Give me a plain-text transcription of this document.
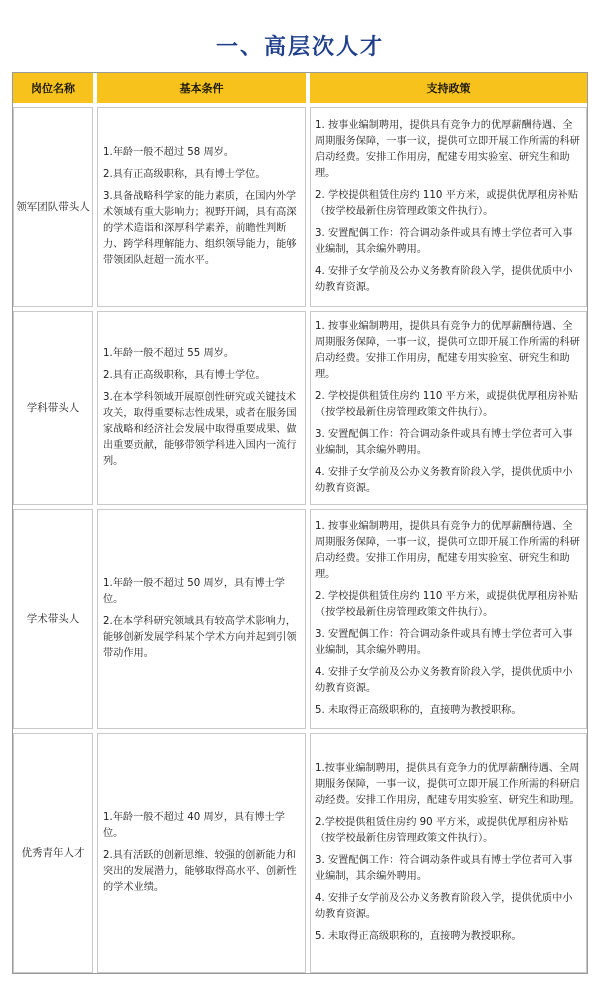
一、高层次人才
岗位名称	基本条件	支持政策
领军团队带头人

1.年龄一般不超过 58 周岁。

2.具有正高级职称，具有博士学位。

3.具备战略科学家的能力素质，在国内外学术领域有重大影响力；视野开阔，具有高深的学术造诣和深厚科学素养，前瞻性判断力、跨学科理解能力、组织领导能力，能够带领团队赶超一流水平。

1. 按事业编制聘用，提供具有竞争力的优厚薪酬待遇、全周期服务保障，一事一议，提供可立即开展工作所需的科研启动经费。安排工作用房，配建专用实验室、研究生和助理。

2. 学校提供租赁住房约 110 平方米，或提供优厚租房补贴（按学校最新住房管理政策文件执行）。

3. 安置配偶工作：符合调动条件或具有博士学位者可入事业编制，其余编外聘用。

4. 安排子女学前及公办义务教育阶段入学，提供优质中小幼教育资源。

学科带头人

1.年龄一般不超过 55 周岁。

2.具有正高级职称，具有博士学位。

3.在本学科领域开展原创性研究或关键技术攻关，取得重要标志性成果，或者在服务国家战略和经济社会发展中取得重要成果、做出重要贡献，能够带领学科进入国内一流行列。

1. 按事业编制聘用，提供具有竞争力的优厚薪酬待遇、全周期服务保障，一事一议，提供可立即开展工作所需的科研启动经费。安排工作用房，配建专用实验室、研究生和助理。

2. 学校提供租赁住房约 110 平方米，或提供优厚租房补贴（按学校最新住房管理政策文件执行）。

3. 安置配偶工作：符合调动条件或具有博士学位者可入事业编制，其余编外聘用。

4. 安排子女学前及公办义务教育阶段入学，提供优质中小幼教育资源。

学术带头人

1.年龄一般不超过 50 周岁，具有博士学位。

2.在本学科研究领域具有较高学术影响力，能够创新发展学科某个学术方向并起到引领带动作用。

1. 按事业编制聘用，提供具有竞争力的优厚薪酬待遇、全周期服务保障，一事一议，提供可立即开展工作所需的科研启动经费。安排工作用房，配建专用实验室、研究生和助理。

2. 学校提供租赁住房约 110 平方米，或提供优厚租房补贴（按学校最新住房管理政策文件执行）。

3. 安置配偶工作：符合调动条件或具有博士学位者可入事业编制，其余编外聘用。

4. 安排子女学前及公办义务教育阶段入学，提供优质中小幼教育资源。

5. 未取得正高级职称的，直接聘为教授职称。

优秀青年人才

1.年龄一般不超过 40 周岁，具有博士学位。

2.具有活跃的创新思维、较强的创新能力和突出的发展潜力，能够取得高水平、创新性的学术业绩。

1.按事业编制聘用，提供具有竞争力的优厚薪酬待遇、全周期服务保障，一事一议，提供可立即开展工作所需的科研启动经费。安排工作用房，配建专用实验室、研究生和助理。

2.学校提供租赁住房约 90 平方米，或提供优厚租房补贴（按学校最新住房管理政策文件执行）。

3. 安置配偶工作：符合调动条件或具有博士学位者可入事业编制，其余编外聘用。

4. 安排子女学前及公办义务教育阶段入学，提供优质中小幼教育资源。

5. 未取得正高级职称的，直接聘为教授职称。
